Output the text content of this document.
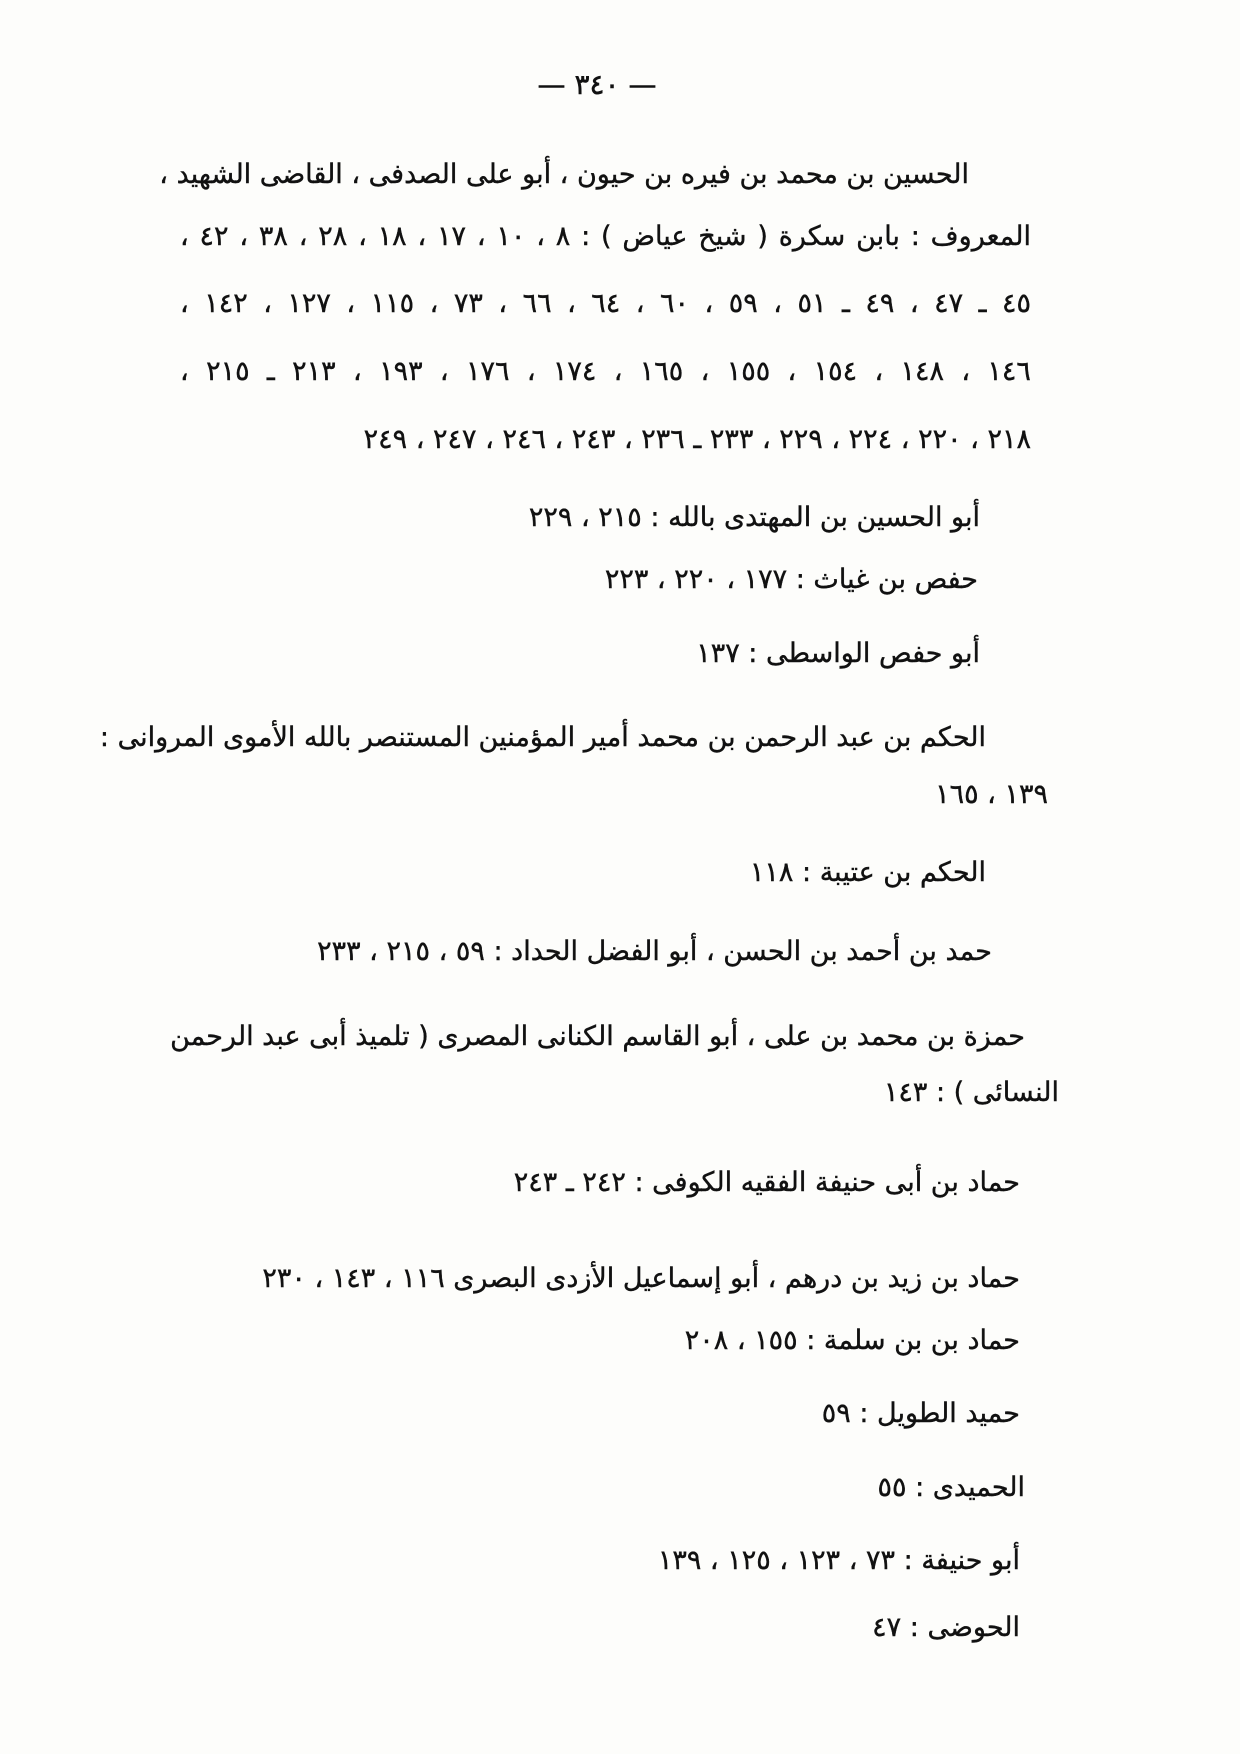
— ٣٤٠ —
الحسين بن محمد بن فيره بن حيون ، أبو على الصدفى ، القاضى الشهيد ،
المعروف : بابن سكرة ( شيخ عياض ) : ٨ ، ١٠ ، ١٧ ، ١٨ ، ٢٨ ، ٣٨ ، ٤٢ ،
٤٥ ـ ٤٧ ، ٤٩ ـ ٥١ ، ٥٩ ، ٦٠ ، ٦٤ ، ٦٦ ، ٧٣ ، ١١٥ ، ١٢٧ ، ١٤٢ ،
١٤٦ ، ١٤٨ ، ١٥٤ ، ١٥٥ ، ١٦٥ ، ١٧٤ ، ١٧٦ ، ١٩٣ ، ٢١٣ ـ ٢١٥ ،
٢١٨ ، ٢٢٠ ، ٢٢٤ ، ٢٢٩ ، ٢٣٣ ـ ٢٣٦ ، ٢٤٣ ، ٢٤٦ ، ٢٤٧ ، ٢٤٩
أبو الحسين بن المهتدى بالله : ٢١٥ ، ٢٢٩
حفص بن غياث : ١٧٧ ، ٢٢٠ ، ٢٢٣
أبو حفص الواسطى : ١٣٧
الحكم بن عبد الرحمن بن محمد أمير المؤمنين المستنصر بالله الأموى المروانى :
١٣٩ ، ١٦٥
الحكم بن عتيبة : ١١٨
حمد بن أحمد بن الحسن ، أبو الفضل الحداد : ٥٩ ، ٢١٥ ، ٢٣٣
حمزة بن محمد بن على ، أبو القاسم الكنانى المصرى ( تلميذ أبى عبد الرحمن
النسائى ) : ١٤٣
حماد بن أبى حنيفة الفقيه الكوفى : ٢٤٢ ـ ٢٤٣
حماد بن زيد بن درهم ، أبو إسماعيل الأزدى البصرى ١١٦ ، ١٤٣ ، ٢٣٠
حماد بن بن سلمة : ١٥٥ ، ٢٠٨
حميد الطويل : ٥٩
الحميدى : ٥٥
أبو حنيفة : ٧٣ ، ١٢٣ ، ١٢٥ ، ١٣٩
الحوضى : ٤٧
